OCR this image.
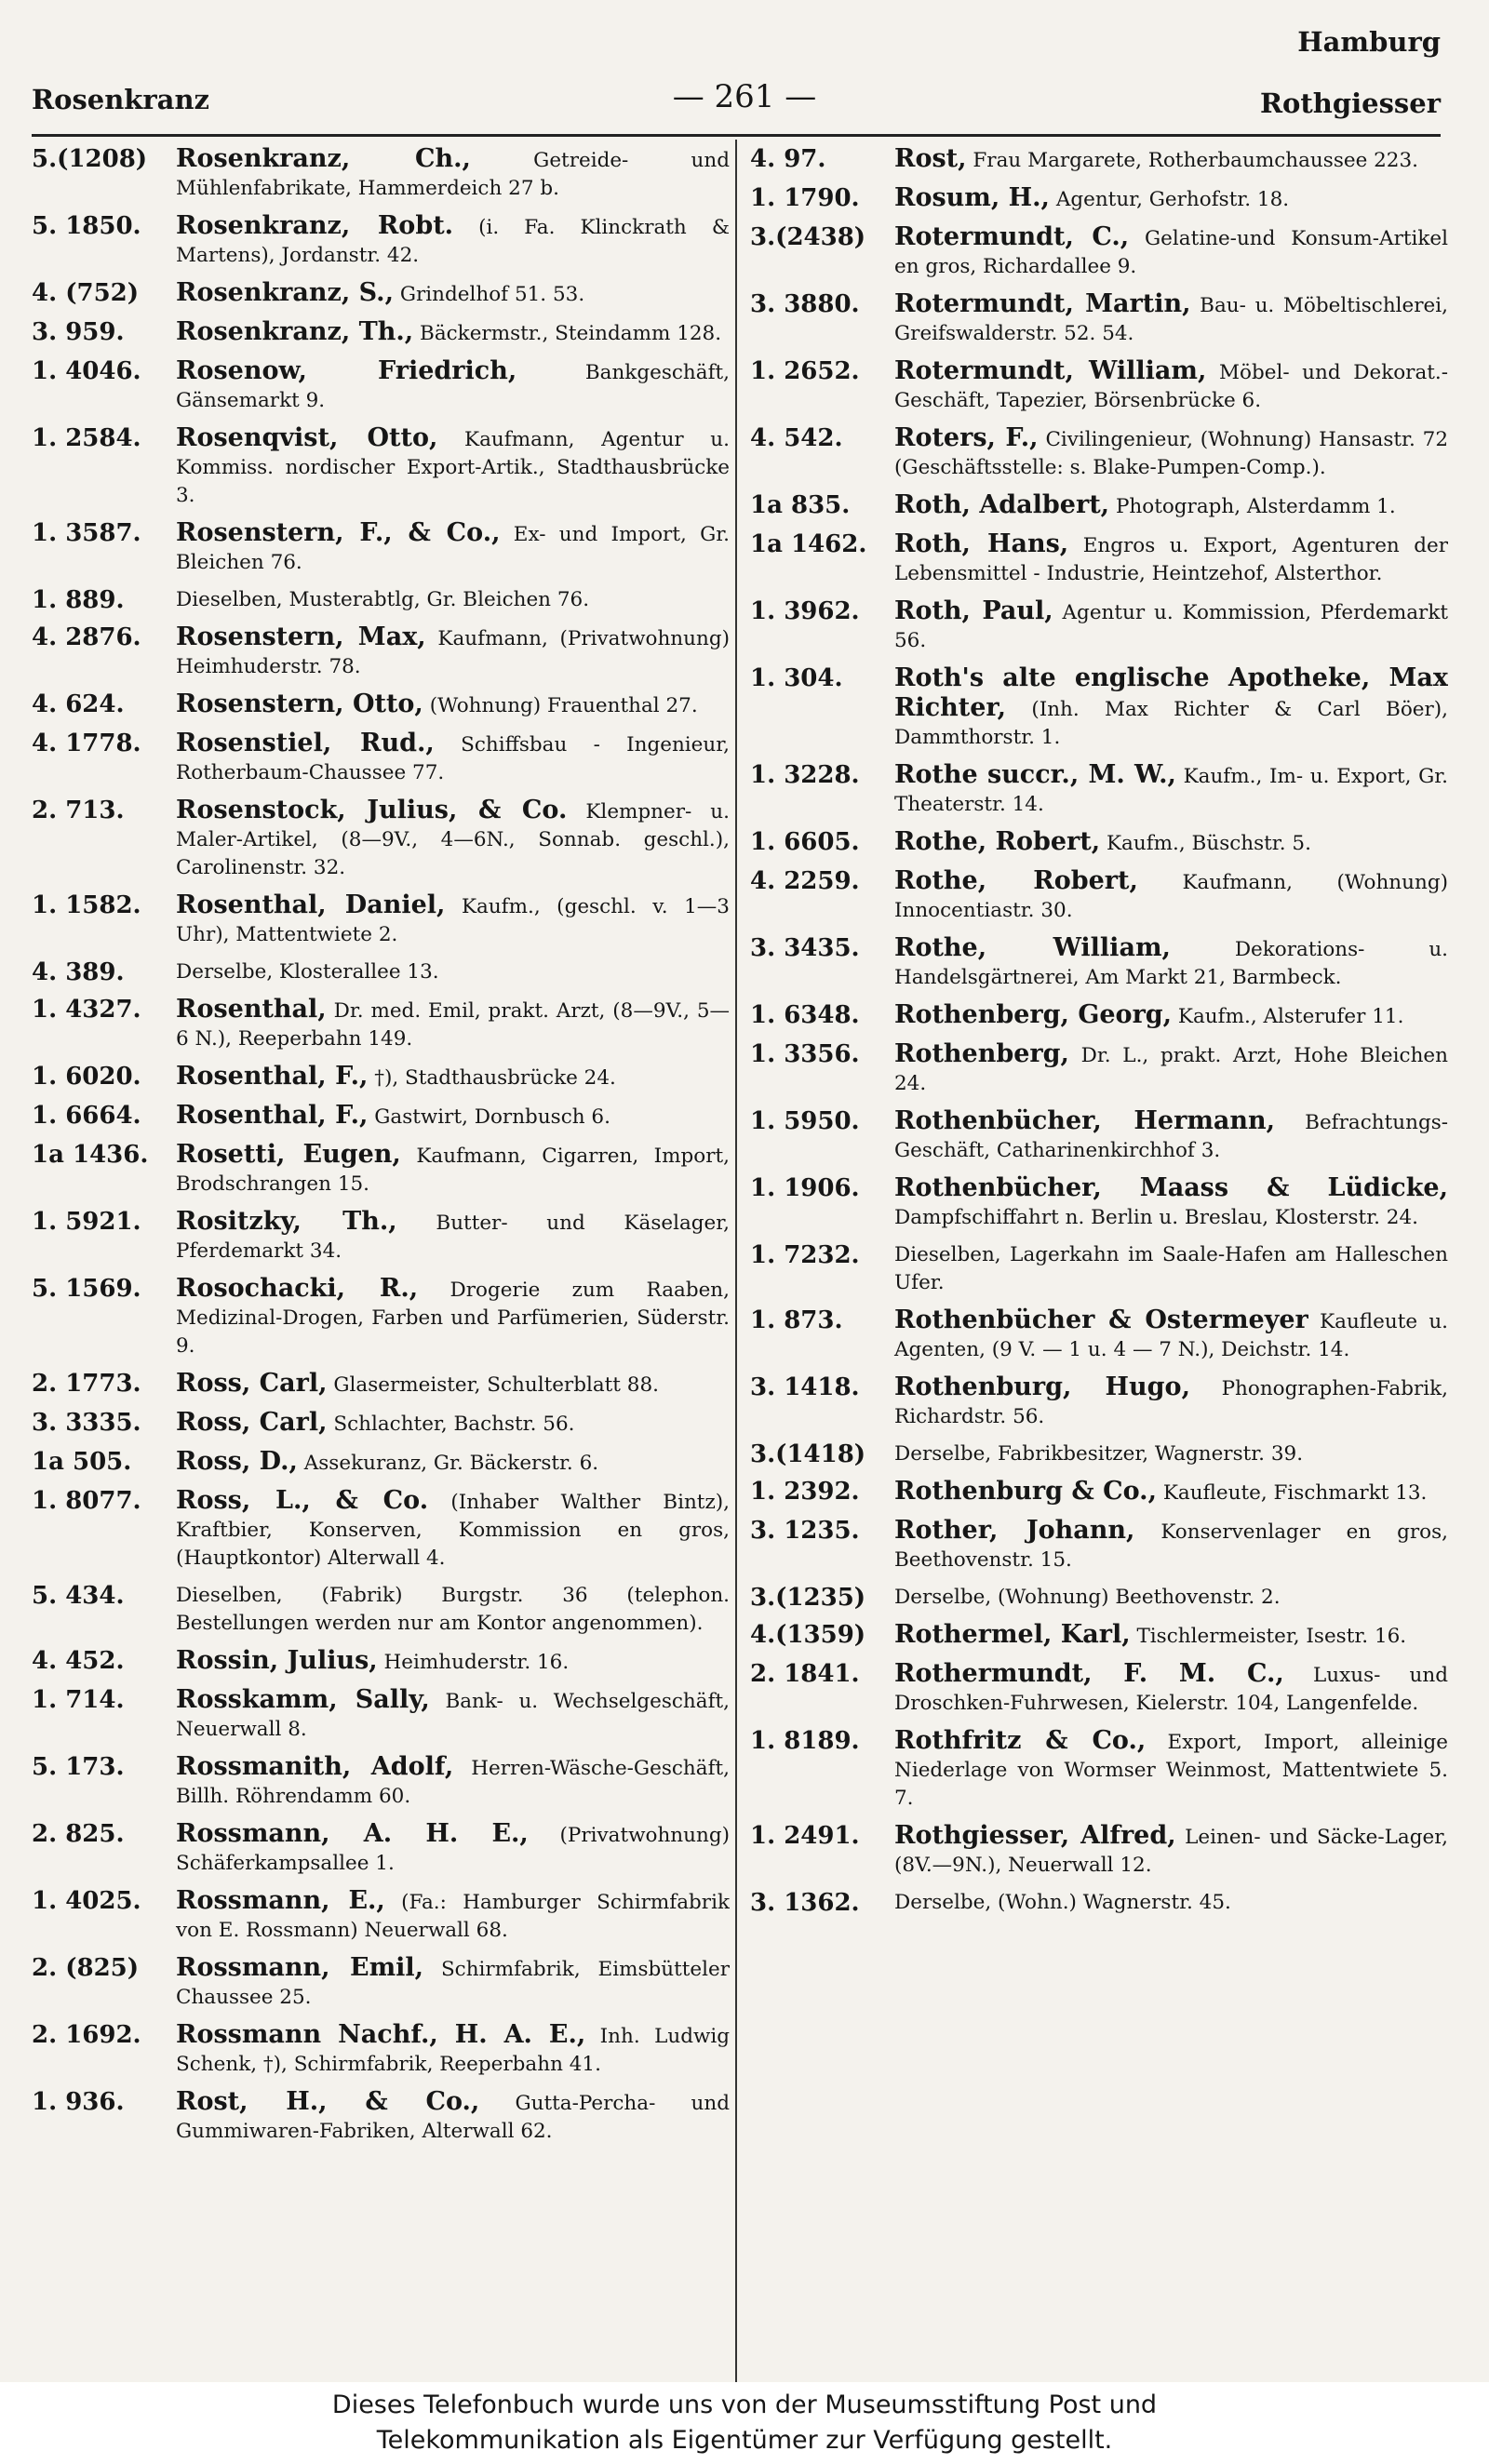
Hamburg
Rosenkranz	— 261 —	Rothgiesser
5.(1208)	Rosenkranz, Ch.,	Getreide- und Mühlenfabrikate, Hammerdeich 27 b.
5. 1850.	Rosenkranz, Robt. (i. Fa. Klinckrath & Martens), Jordanstr. 42.
4. (752)	Rosenkranz, S., Grindelhof 51. 53.
3. 959.	Rosenkranz, Th., Bäckermstr., Steindamm 128.
1. 4046.	Rosenow, Friedrich,	Bankgeschäft, Gänsemarkt 9.
1. 2584.	Rosenqvist, Otto, Kaufmann, Agentur u. Kommiss. nordischer Export-Artik., Stadthausbrücke 3.
1. 3587.	Rosenstern, F., & Co., Ex- und Import, Gr. Bleichen 76.
1. 889.	Dieselben, Musterabtlg, Gr. Bleichen 76.
4. 2876.	Rosenstern, Max, Kaufmann, (Privatwohnung) Heimhuderstr. 78.
4. 624.	Rosenstern, Otto, (Wohnung) Frauenthal 27.
4. 1778.	Rosenstiel, Rud., Schiffsbau - Ingenieur, Rotherbaum-Chaussee 77.
2. 713.	Rosenstock, Julius, & Co. Klempner- u. Maler-Artikel, (8—9V., 4—6N., Sonnab. geschl.), Carolinenstr. 32.
1. 1582.	Rosenthal, Daniel, Kaufm., (geschl. v. 1—3 Uhr), Mattentwiete 2.
4. 389.	Derselbe, Klosterallee 13.
1. 4327.	Rosenthal, Dr. med. Emil, prakt. Arzt, (8—9V., 5—6 N.), Reeperbahn 149.
1. 6020.	Rosenthal, F., †), Stadthausbrücke 24.
1. 6664.	Rosenthal, F., Gastwirt, Dornbusch 6.
1a 1436.	Rosetti, Eugen, Kaufmann, Cigarren, Import, Brodschrangen 15.
1. 5921.	Rositzky, Th., Butter- und Käselager, Pferdemarkt 34.
5. 1569.	Rosochacki, R., Drogerie zum Raaben, Medizinal-Drogen, Farben und Parfümerien, Süderstr. 9.
2. 1773.	Ross, Carl, Glasermeister, Schulterblatt 88.
3. 3335.	Ross, Carl, Schlachter, Bachstr. 56.
1a 505.	Ross, D., Assekuranz, Gr. Bäckerstr. 6.
1. 8077.	Ross, L., & Co. (Inhaber Walther Bintz), Kraftbier, Konserven, Kommission en gros, (Hauptkontor) Alterwall 4.
5. 434.	Dieselben, (Fabrik) Burgstr. 36 (telephon. Bestellungen werden nur am Kontor angenommen).
4. 452.	Rossin, Julius, Heimhuderstr. 16.
1. 714.	Rosskamm, Sally, Bank- u. Wechselgeschäft, Neuerwall 8.
5. 173.	Rossmanith, Adolf, Herren-Wäsche-Geschäft, Billh. Röhrendamm 60.
2. 825.	Rossmann, A. H. E., (Privatwohnung) Schäferkampsallee 1.
1. 4025.	Rossmann, E., (Fa.: Hamburger Schirmfabrik von E. Rossmann) Neuerwall 68.
2. (825)	Rossmann, Emil, Schirmfabrik, Eimsbütteler Chaussee 25.
2. 1692.	Rossmann Nachf., H. A. E., Inh. Ludwig Schenk, †), Schirmfabrik, Reeperbahn 41.
1. 936.	Rost, H., & Co., Gutta-Percha- und Gummiwaren-Fabriken, Alterwall 62.
4. 97.	Rost, Frau Margarete, Rotherbaumchaussee 223.
1. 1790.	Rosum, H., Agentur, Gerhofstr. 18.
3.(2438)	Rotermundt, C., Gelatine-und Konsum-Artikel en gros, Richardallee 9.
3. 3880.	Rotermundt, Martin, Bau- u. Möbeltischlerei, Greifswalderstr. 52. 54.
1. 2652.	Rotermundt, William, Möbel- und Dekorat.-Geschäft, Tapezier, Börsenbrücke 6.
4. 542.	Roters, F., Civilingenieur, (Wohnung) Hansastr. 72 (Geschäftsstelle: s. Blake-Pumpen-Comp.).
1a 835.	Roth, Adalbert, Photograph, Alsterdamm 1.
1a 1462.	Roth, Hans, Engros u. Export, Agenturen der Lebensmittel - Industrie, Heintzehof, Alsterthor.
1. 3962.	Roth, Paul, Agentur u. Kommission, Pferdemarkt 56.
1. 304.	Roth's alte englische Apotheke, Max Richter, (Inh. Max Richter & Carl Böer), Dammthorstr. 1.
1. 3228.	Rothe succr., M. W., Kaufm., Im- u. Export, Gr. Theaterstr. 14.
1. 6605.	Rothe, Robert, Kaufm., Büschstr. 5.
4. 2259.	Rothe, Robert, Kaufmann, (Wohnung) Innocentiastr. 30.
3. 3435.	Rothe, William,	Dekorations- u. Handelsgärtnerei, Am Markt 21, Barmbeck.
1. 6348.	Rothenberg, Georg, Kaufm., Alsterufer 11.
1. 3356.	Rothenberg, Dr. L., prakt. Arzt, Hohe Bleichen 24.
1. 5950.	Rothenbücher, Hermann, Befrachtungs-Geschäft, Catharinenkirchhof 3.
1. 1906.	Rothenbücher, Maass & Lüdicke, Dampfschiffahrt n. Berlin u. Breslau, Klosterstr. 24.
1. 7232.	Dieselben, Lagerkahn im Saale-Hafen am Halleschen Ufer.
1. 873.	Rothenbücher & Ostermeyer Kaufleute u. Agenten, (9 V. — 1 u. 4 — 7 N.), Deichstr. 14.
3. 1418.	Rothenburg, Hugo, Phonographen-Fabrik, Richardstr. 56.
3.(1418)	Derselbe, Fabrikbesitzer, Wagnerstr. 39.
1. 2392.	Rothenburg & Co., Kaufleute, Fischmarkt 13.
3. 1235.	Rother, Johann, Konservenlager en gros, Beethovenstr. 15.
3.(1235)	Derselbe, (Wohnung) Beethovenstr. 2.
4.(1359)	Rothermel, Karl, Tischlermeister, Isestr. 16.
2. 1841.	Rothermundt, F. M. C., Luxus- und Droschken-Fuhrwesen, Kielerstr. 104, Langenfelde.
1. 8189.	Rothfritz & Co., Export, Import, alleinige Niederlage von Wormser Weinmost, Mattentwiete 5. 7.
1. 2491.	Rothgiesser, Alfred, Leinen- und Säcke-Lager, (8V.—9N.), Neuerwall 12.
3. 1362.	Derselbe, (Wohn.) Wagnerstr. 45.
Dieses Telefonbuch wurde uns von der Museumsstiftung Post und
Telekommunikation als Eigentümer zur Verfügung gestellt.
